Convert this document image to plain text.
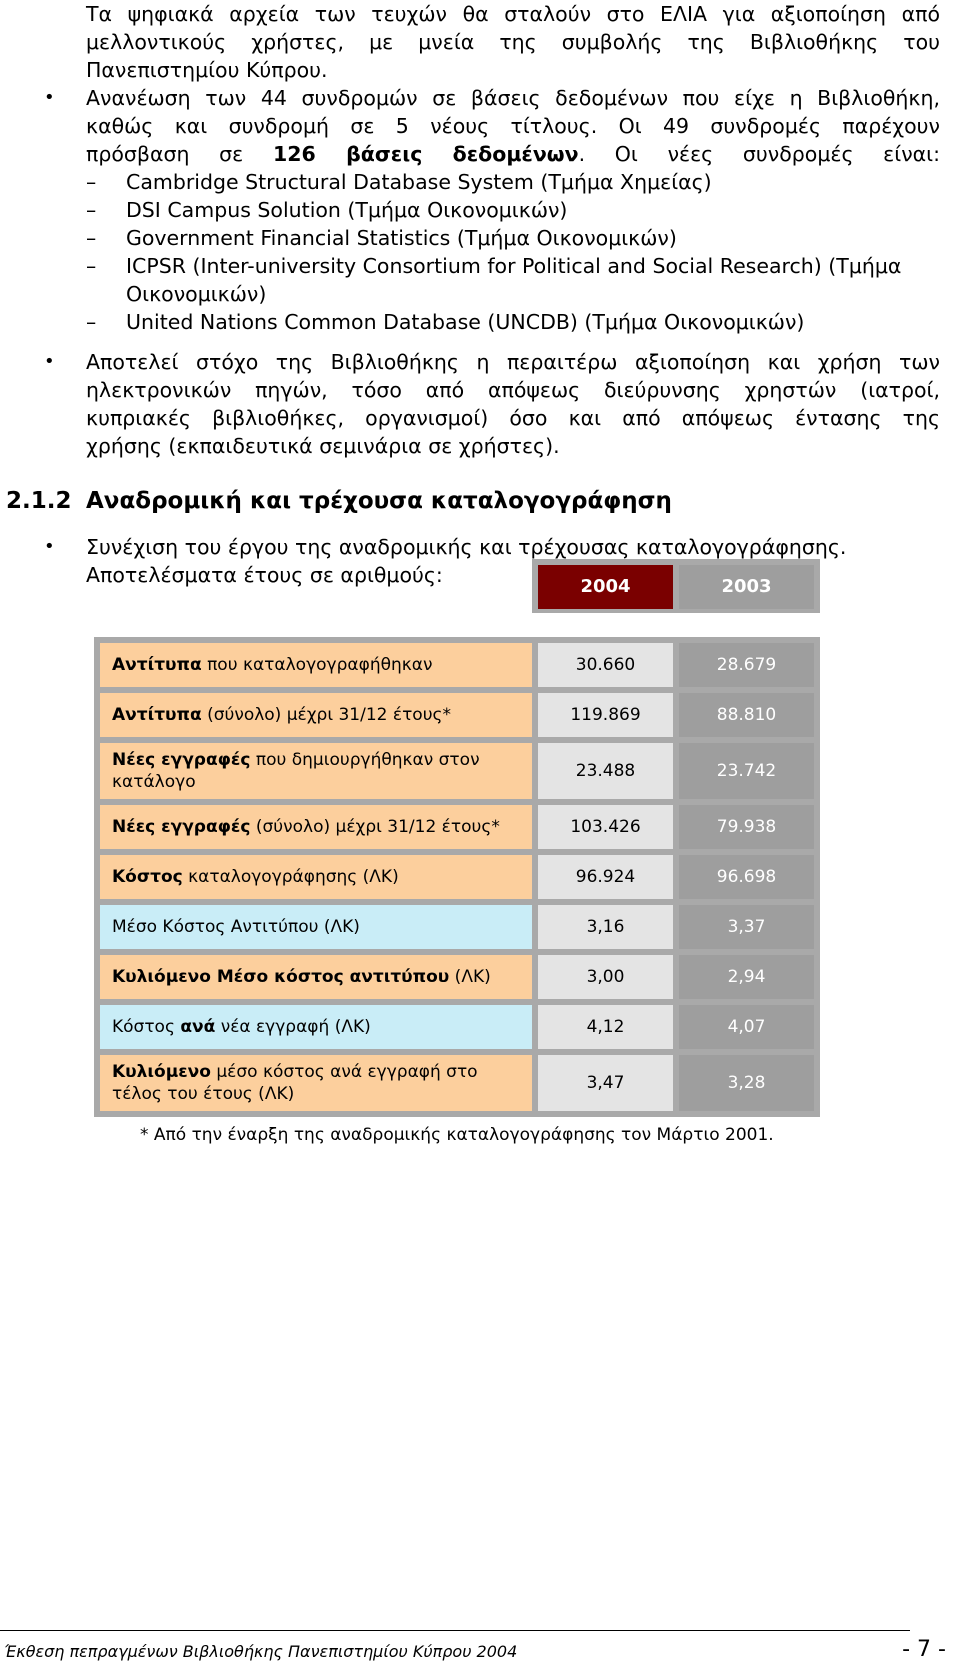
Τα ψηφιακά αρχεία των τευχών θα σταλούν στο ΕΛΙΑ για αξιοποίηση από
μελλοντικούς χρήστες, με μνεία της συμβολής της Βιβλιοθήκης του
Πανεπιστημίου Κύπρου.
• Ανανέωση των 44 συνδρομών σε βάσεις δεδομένων που είχε η Βιβλιοθήκη,
καθώς και συνδρομή σε 5 νέους τίτλους. Οι 49 συνδρομές παρέχουν
πρόσβαση σε 126 βάσεις δεδομένων. Οι νέες συνδρομές είναι:
–	Cambridge Structural Database System (Τμήμα Χημείας)
–	DSI Campus Solution (Τμήμα Οικονομικών)
–	Government Financial Statistics (Τμήμα Οικονομικών)
–	ICPSR (Inter-university Consortium for Political and Social Research) (Τμήμα Οικονομικών)
–	United Nations Common Database (UNCDB) (Τμήμα Οικονομικών)
• Αποτελεί στόχο της Βιβλιοθήκης η περαιτέρω αξιοποίηση και χρήση των
ηλεκτρονικών πηγών, τόσο από απόψεως διεύρυνσης χρηστών (ιατροί,
κυπριακές βιβλιοθήκες, οργανισμοί) όσο και από απόψεως έντασης της
χρήσης (εκπαιδευτικά σεμινάρια σε χρήστες).
2.1.2 Αναδρομική και τρέχουσα καταλογογράφηση
• Συνέχιση του έργου της αναδρομικής και τρέχουσας καταλογογράφησης.
Αποτελέσματα έτους σε αριθμούς:	2004	2003
Αντίτυπα που καταλογογραφήθηκαν	30.660	28.679
Αντίτυπα (σύνολο) μέχρι 31/12 έτους*	119.869	88.810
Νέες εγγραφές που δημιουργήθηκαν στον κατάλογο
23.488	23.742
Νέες εγγραφές (σύνολο) μέχρι 31/12 έτους*	103.426	79.938
Κόστος καταλογογράφησης (ΛΚ)	96.924	96.698
Μέσο Κόστος Αντιτύπου (ΛΚ)	3,16	3,37
Κυλιόμενο Μέσο κόστος αντιτύπου (ΛΚ)	3,00	2,94
Κόστος ανά νέα εγγραφή (ΛΚ)	4,12	4,07
Κυλιόμενο μέσο κόστος ανά εγγραφή στο τέλος του έτους (ΛΚ)
3,47	3,28
* Από την έναρξη της αναδρομικής καταλογογράφησης τον Μάρτιο 2001.
Έκθεση πεπραγμένων Βιβλιοθήκης Πανεπιστημίου Κύπρου 2004	- 7 -
